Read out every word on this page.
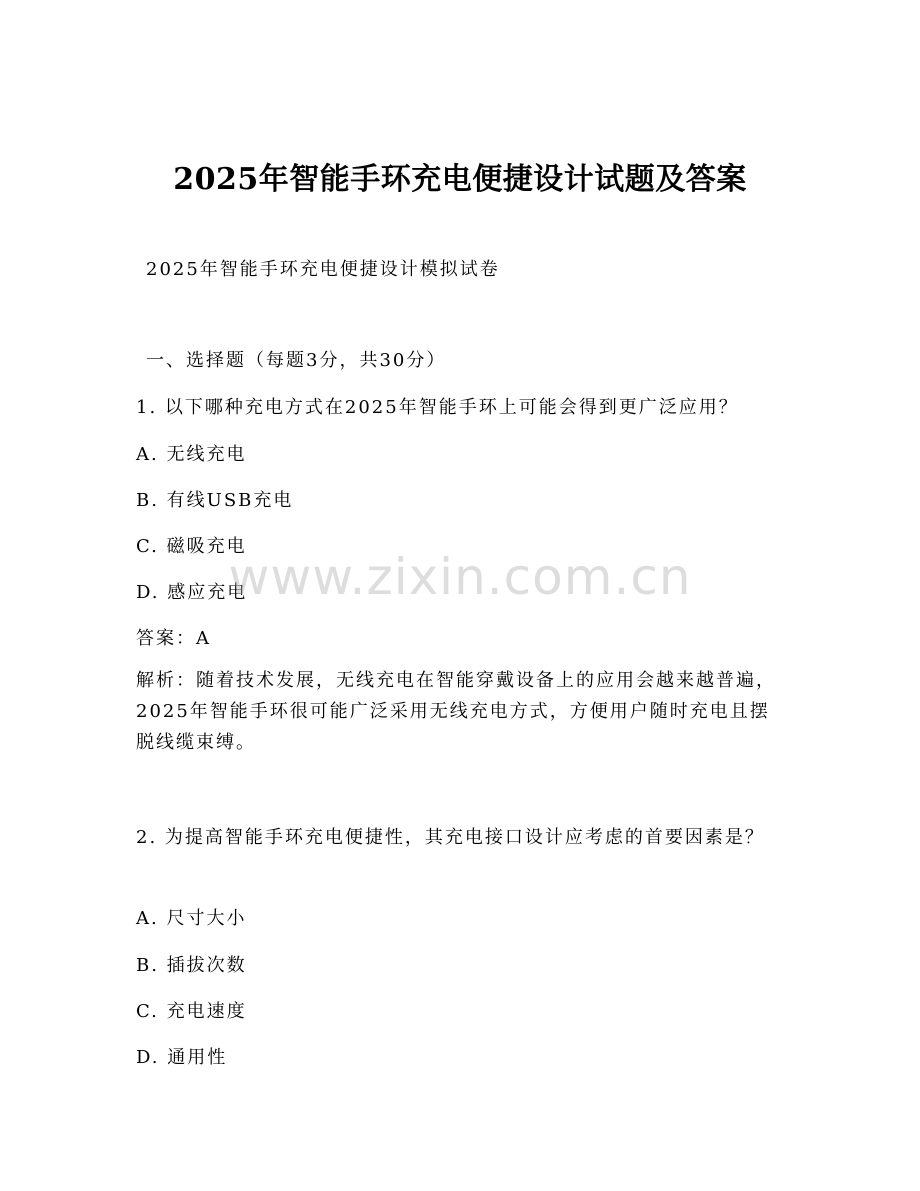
2025年智能手环充电便捷设计试题及答案
2025年智能手环充电便捷设计模拟试卷
一、选择题（每题3分，共30分）
1. 以下哪种充电方式在2025年智能手环上可能会得到更广泛应用？
A. 无线充电
B. 有线USB充电
C. 磁吸充电
D. 感应充电
答案：A
解析：随着技术发展，无线充电在智能穿戴设备上的应用会越来越普遍，2025年智能手环很可能广泛采用无线充电方式，方便用户随时充电且摆脱线缆束缚。
2. 为提高智能手环充电便捷性，其充电接口设计应考虑的首要因素是？
A. 尺寸大小
B. 插拔次数
C. 充电速度
D. 通用性
www.zixin.com.cn
